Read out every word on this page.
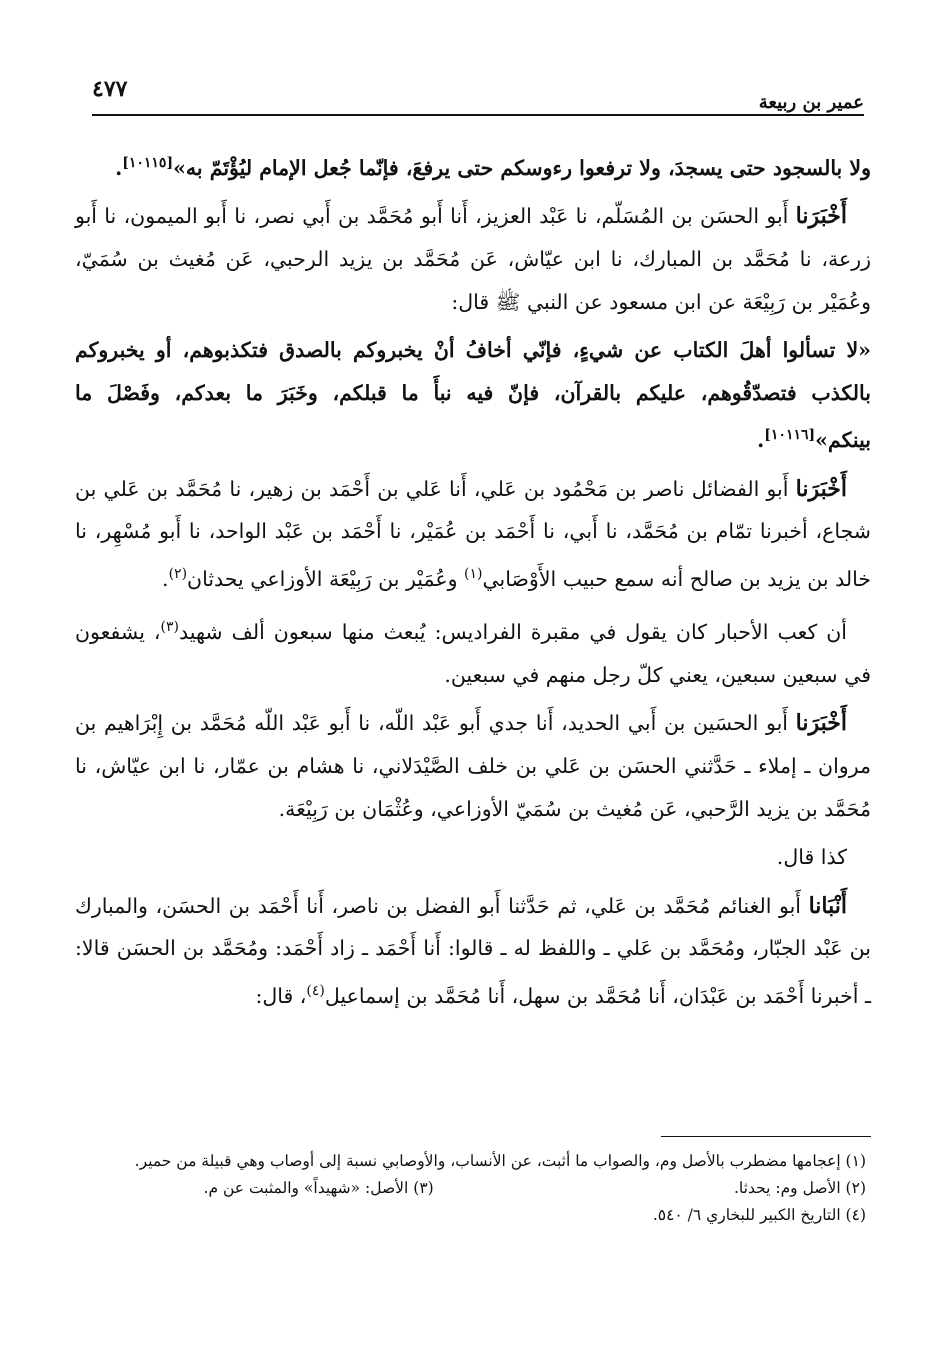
عمير بن ربيعة
٤٧٧

ولا بالسجود حتى يسجدَ، ولا ترفعوا رءوسكم حتى يرفعَ، فإنّما جُعل الإمام ليُؤْتَمّ به»[١٠١١٥].

أَخْبَرَنا أَبو الحسَن بن المُسَلّم، نا عَبْد العزيز، أَنا أَبو مُحَمَّد بن أَبي نصر، نا أَبو الميمون، نا أَبو زرعة، نا مُحَمَّد بن المبارك، نا ابن عيّاش، عَن مُحَمَّد بن يزيد الرحبي، عَن مُغيث بن سُمَيّ، وعُمَيْر بن رَبِيْعَة عن ابن مسعود عن النبي ﷺ قال:

«لا تسألوا أهلَ الكتاب عن شيءٍ، فإنّي أخافُ أنْ يخبروكم بالصدق فتكذبوهم، أو يخبروكم بالكذب فتصدّقُوهم، عليكم بالقرآن، فإنّ فيه نبأَ ما قبلكم، وخَبَرَ ما بعدكم، وفَصْلَ ما بينكم»[١٠١١٦].

أَخْبَرَنا أَبو الفضائل ناصر بن مَحْمُود بن عَلي، أَنا عَلي بن أَحْمَد بن زهير، نا مُحَمَّد بن عَلي بن شجاع، أخبرنا تمّام بن مُحَمَّد، نا أَبي، نا أَحْمَد بن عُمَيْر، نا أَحْمَد بن عَبْد الواحد، نا أَبو مُسْهِر، نا خالد بن يزيد بن صالح أنه سمع حبيب الأَوْصَابي$^{(١)}$ وعُمَيْر بن رَبِيْعَة الأوزاعي يحدثان$^{(٢)}$.

أن كعب الأحبار كان يقول في مقبرة الفراديس: يُبعث منها سبعون ألف شهيد$^{(٣)}$، يشفعون في سبعين سبعين، يعني كلّ رجل منهم في سبعين.

أَخْبَرَنا أَبو الحسَين بن أَبي الحديد، أَنا جدي أَبو عَبْد اللّه، نا أَبو عَبْد اللّه مُحَمَّد بن إِبْرَاهيم بن مروان ـ إملاء ـ حَدَّثني الحسَن بن عَلي بن خلف الصَّيْدَلاني، نا هشام بن عمّار، نا ابن عيّاش، نا مُحَمَّد بن يزيد الرَّحبي، عَن مُغيث بن سُمَيّ الأوزاعي، وعُثْمَان بن رَبِيْعَة.

كذا قال.

أَنْبَانا أَبو الغنائم مُحَمَّد بن عَلي، ثم حَدَّثنا أَبو الفضل بن ناصر، أَنا أَحْمَد بن الحسَن، والمبارك بن عَبْد الجبّار، ومُحَمَّد بن عَلي ـ واللفظ له ـ قالوا: أَنا أَحْمَد ـ زاد أَحْمَد: ومُحَمَّد بن الحسَن قالا: ـ أخبرنا أَحْمَد بن عَبْدَان، أَنا مُحَمَّد بن سهل، أَنا مُحَمَّد بن إسماعيل$^{(٤)}$، قال:

(١) إعجامها مضطرب بالأصل وم، والصواب ما أثبت، عن الأنساب، والأوصابي نسبة إلى أوصاب وهي قبيلة من حمير.

(٢) الأصل وم: يحدثا.

(٣) الأصل: «شهيداً» والمثبت عن م.

(٤) التاريخ الكبير للبخاري ٦/ ٥٤٠.
